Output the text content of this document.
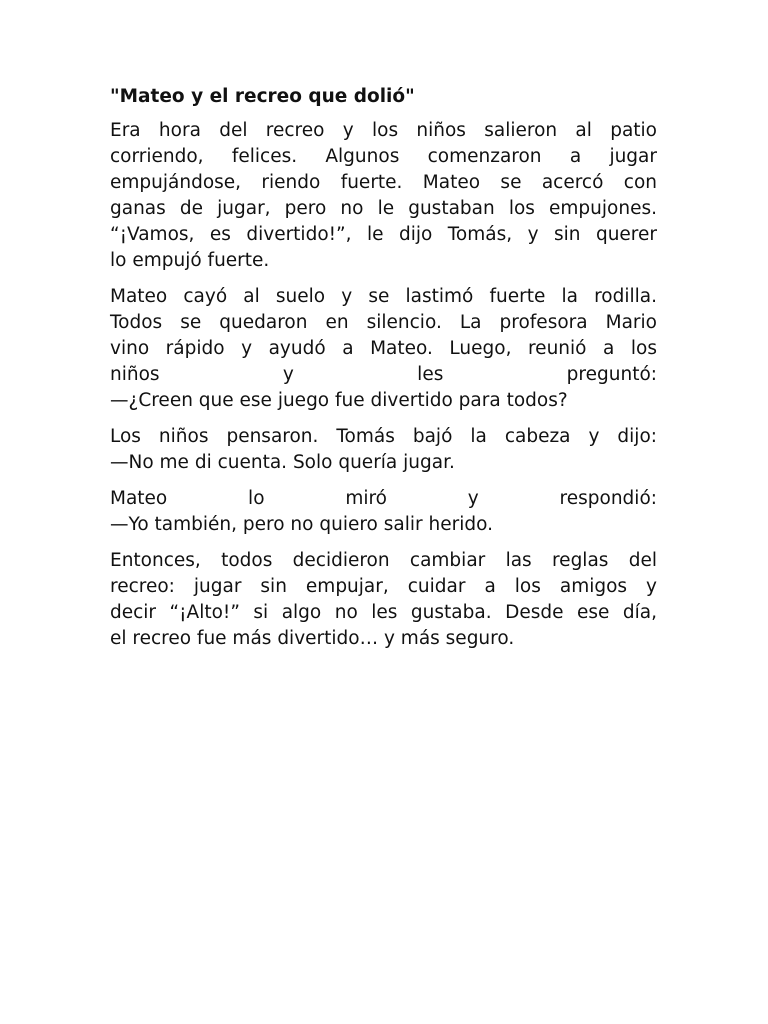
"Mateo y el recreo que dolió"
Era hora del recreo y los niños salieron al patio
corriendo, felices. Algunos comenzaron a jugar
empujándose, riendo fuerte. Mateo se acercó con
ganas de jugar, pero no le gustaban los empujones.
“¡Vamos, es divertido!”, le dijo Tomás, y sin querer
lo empujó fuerte.
Mateo cayó al suelo y se lastimó fuerte la rodilla.
Todos se quedaron en silencio. La profesora Mario
vino rápido y ayudó a Mateo. Luego, reunió a los
niños y les preguntó:
—¿Creen que ese juego fue divertido para todos?
Los niños pensaron. Tomás bajó la cabeza y dijo:
—No me di cuenta. Solo quería jugar.
Mateo lo miró y respondió:
—Yo también, pero no quiero salir herido.
Entonces, todos decidieron cambiar las reglas del
recreo: jugar sin empujar, cuidar a los amigos y
decir “¡Alto!” si algo no les gustaba. Desde ese día,
el recreo fue más divertido… y más seguro.
